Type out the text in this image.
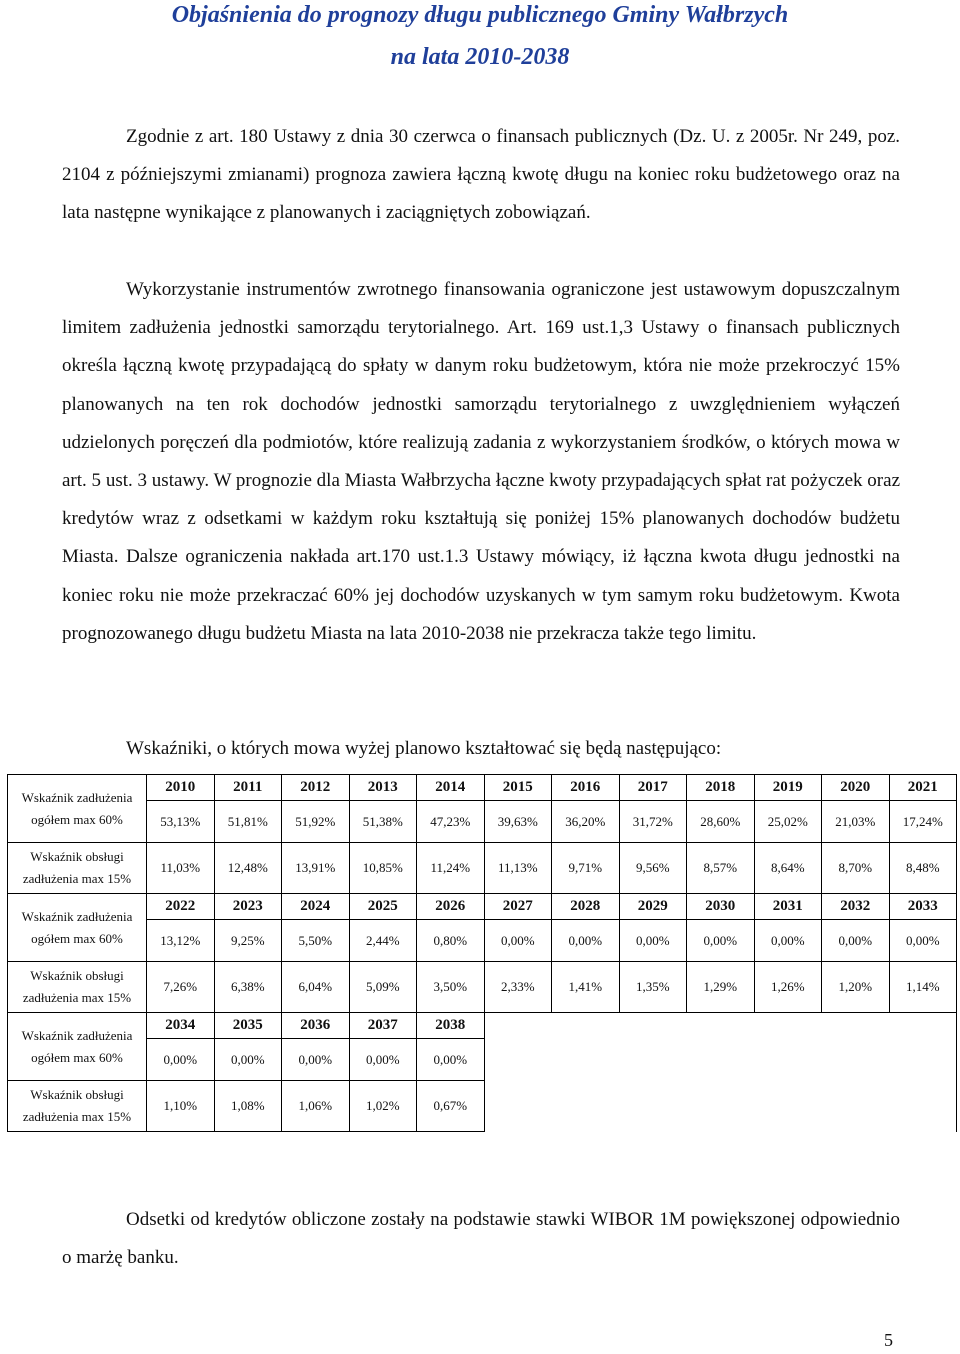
Objaśnienia do prognozy długu publicznego Gminy Wałbrzych
na lata 2010-2038
Zgodnie z art. 180 Ustawy z dnia 30 czerwca o finansach publicznych (Dz. U. z 2005r. Nr 249, poz. 2104 z późniejszymi zmianami) prognoza zawiera łączną kwotę długu na koniec roku budżetowego oraz na lata następne wynikające z planowanych i zaciągniętych zobowiązań.
Wykorzystanie instrumentów zwrotnego finansowania ograniczone jest ustawowym dopuszczalnym limitem zadłużenia jednostki samorządu terytorialnego. Art. 169 ust.1,3 Ustawy o finansach publicznych określa łączną kwotę przypadającą do spłaty w danym roku budżetowym, która nie może przekroczyć 15% planowanych na ten rok dochodów jednostki samorządu terytorialnego z uwzględnieniem wyłączeń udzielonych poręczeń dla podmiotów, które realizują zadania z wykorzystaniem środków, o których mowa w art. 5 ust. 3 ustawy. W prognozie dla Miasta Wałbrzycha łączne kwoty przypadających spłat rat pożyczek oraz kredytów wraz z odsetkami w każdym roku kształtują się poniżej 15% planowanych dochodów budżetu Miasta. Dalsze ograniczenia nakłada art.170 ust.1.3 Ustawy mówiący, iż łączna kwota długu jednostki na koniec roku nie może przekraczać 60% jej dochodów uzyskanych w tym samym roku budżetowym. Kwota prognozowanego długu budżetu Miasta na lata 2010-2038 nie przekracza także tego limitu.
Wskaźniki, o których mowa wyżej planowo kształtować się będą następująco:
Wskaźnik zadłużenia ogółem max 60%	2010	2011	2012	2013	2014	2015	2016	2017	2018	2019	2020	2021
	53,13%	51,81%	51,92%	51,38%	47,23%	39,63%	36,20%	31,72%	28,60%	25,02%	21,03%	17,24%
Wskaźnik obsługi zadłużenia max 15%	11,03%	12,48%	13,91%	10,85%	11,24%	11,13%	9,71%	9,56%	8,57%	8,64%	8,70%	8,48%
Wskaźnik zadłużenia ogółem max 60%	2022	2023	2024	2025	2026	2027	2028	2029	2030	2031	2032	2033
	13,12%	9,25%	5,50%	2,44%	0,80%	0,00%	0,00%	0,00%	0,00%	0,00%	0,00%	0,00%
Wskaźnik obsługi zadłużenia max 15%	7,26%	6,38%	6,04%	5,09%	3,50%	2,33%	1,41%	1,35%	1,29%	1,26%	1,20%	1,14%
Wskaźnik zadłużenia ogółem max 60%	2034	2035	2036	2037	2038							
	0,00%	0,00%	0,00%	0,00%	0,00%							
Wskaźnik obsługi zadłużenia max 15%	1,10%	1,08%	1,06%	1,02%	0,67%							
Odsetki od kredytów obliczone zostały na podstawie stawki WIBOR 1M powiększonej odpowiednio o marżę banku.
5
